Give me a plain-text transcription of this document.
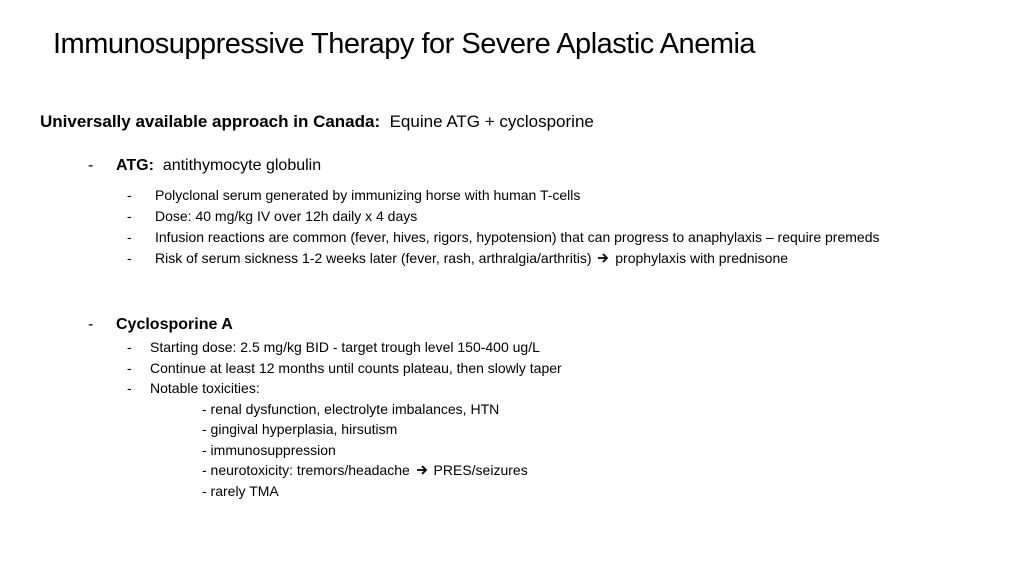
Immunosuppressive Therapy for Severe Aplastic Anemia
Universally available approach in Canada: Equine ATG + cyclosporine
- ATG: antithymocyte globulin
- Polyclonal serum generated by immunizing horse with human T-cells
- Dose: 40 mg/kg IV over 12h daily x 4 days
- Infusion reactions are common (fever, hives, rigors, hypotension) that can progress to anaphylaxis – require premeds
- Risk of serum sickness 1-2 weeks later (fever, rash, arthralgia/arthritis) prophylaxis with prednisone
- Cyclosporine A
- Starting dose: 2.5 mg/kg BID - target trough level 150-400 ug/L
- Continue at least 12 months until counts plateau, then slowly taper
- Notable toxicities:
- renal dysfunction, electrolyte imbalances, HTN
- gingival hyperplasia, hirsutism
- immunosuppression
- neurotoxicity: tremors/headache PRES/seizures
- rarely TMA
